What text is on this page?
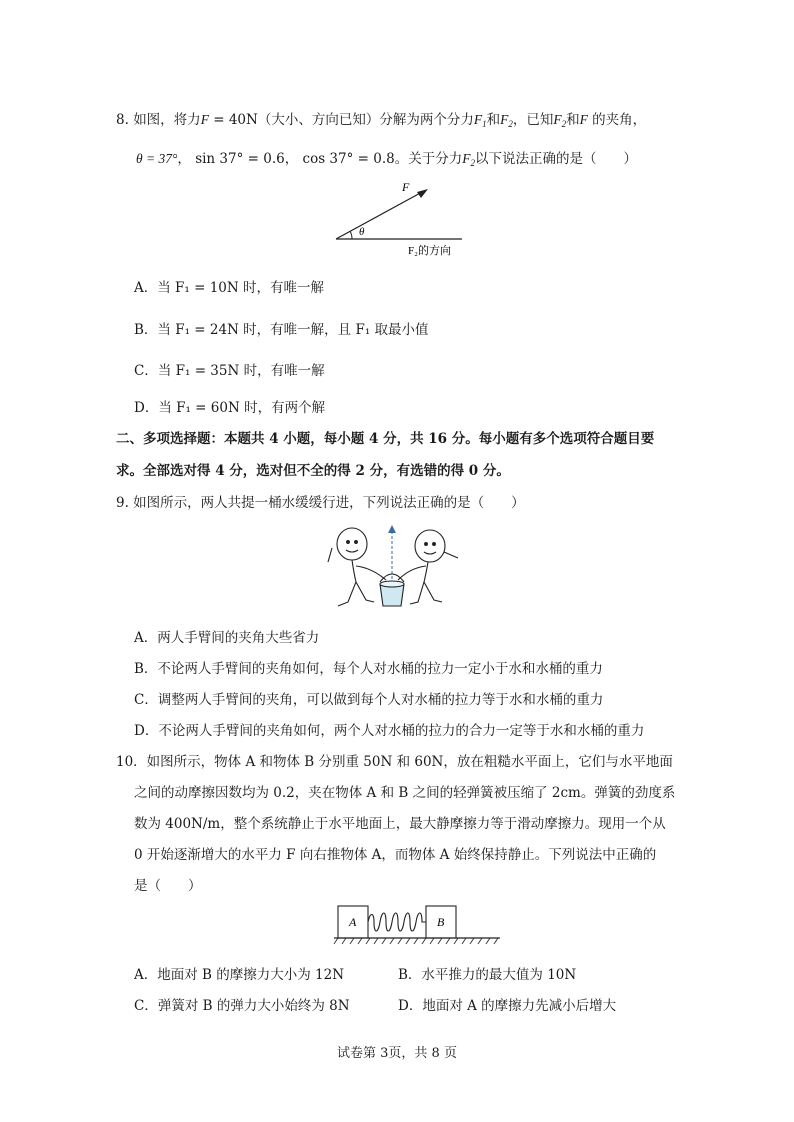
8. 如图，将力F = 40N（大小、方向已知）分解为两个分力$F_1$和$F_2$，已知$F_2$和F 的夹角，
θ = 37°， sin 37° = 0.6， cos 37° = 0.8。关于分力$F_2$以下说法正确的是（　　）
F
θ
F₂的方向
A．当 F₁ = 10N 时，有唯一解
B．当 F₁ = 24N 时，有唯一解，且 F₁ 取最小值
C．当 F₁ = 35N 时，有唯一解
D．当 F₁ = 60N 时，有两个解
二、多项选择题：本题共 4 小题，每小题 4 分，共 16 分。每小题有多个选项符合题目要
求。全部选对得 4 分，选对但不全的得 2 分，有选错的得 0 分。
9. 如图所示，两人共提一桶水缓缓行进，下列说法正确的是（　　）
A．两人手臂间的夹角大些省力
B．不论两人手臂间的夹角如何，每个人对水桶的拉力一定小于水和水桶的重力
C．调整两人手臂间的夹角，可以做到每个人对水桶的拉力等于水和水桶的重力
D．不论两人手臂间的夹角如何，两个人对水桶的拉力的合力一定等于水和水桶的重力
10．如图所示，物体 A 和物体 B 分别重 50N 和 60N，放在粗糙水平面上，它们与水平地面
之间的动摩擦因数均为 0.2，夹在物体 A 和 B 之间的轻弹簧被压缩了 2cm。弹簧的劲度系
数为 400N/m，整个系统静止于水平地面上，最大静摩擦力等于滑动摩擦力。现用一个从
0 开始逐渐增大的水平力 F 向右推物体 A，而物体 A 始终保持静止。下列说法中正确的
是（　　）
A	B
A．地面对 B 的摩擦力大小为 12N	B．水平推力的最大值为 10N
C．弹簧对 B 的弹力大小始终为 8N	D．地面对 A 的摩擦力先减小后增大
试卷第 3页，共 8 页
